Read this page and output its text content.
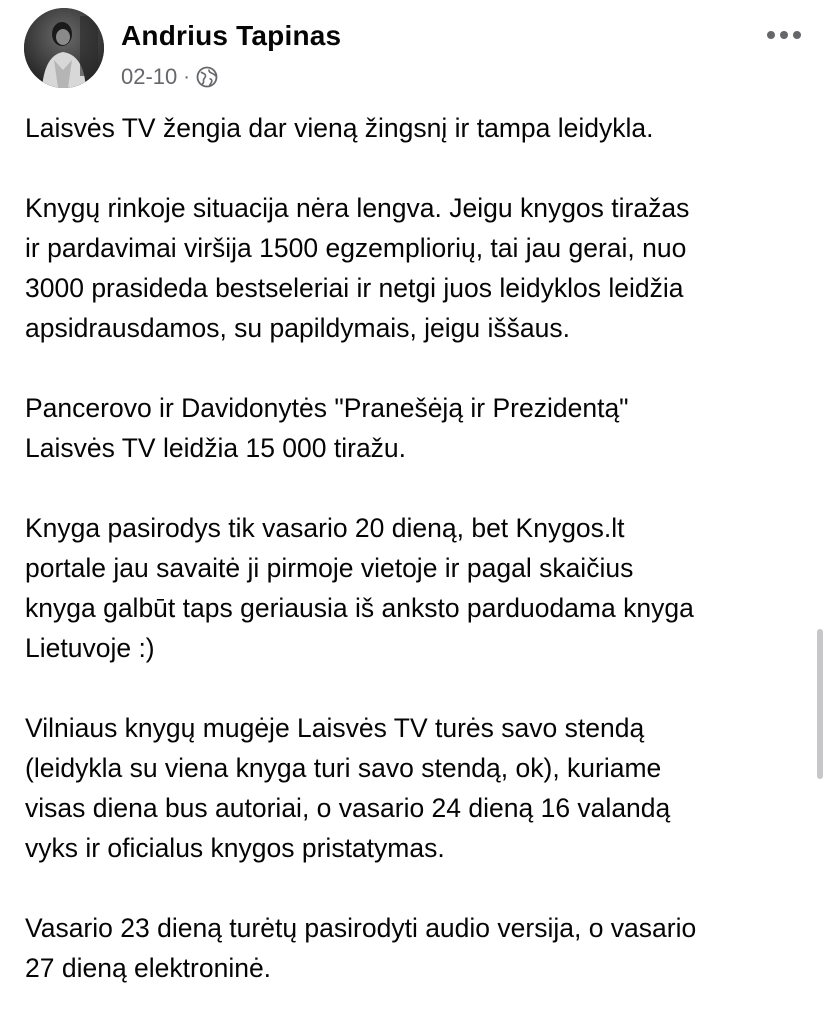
Andrius Tapinas
02-10 ·

Laisvės TV žengia dar vieną žingsnį ir tampa leidykla.

Knygų rinkoje situacija nėra lengva. Jeigu knygos tiražas
ir pardavimai viršija 1500 egzempliorių, tai jau gerai, nuo
3000 prasideda bestseleriai ir netgi juos leidyklos leidžia
apsidrausdamos, su papildymais, jeigu iššaus.

Pancerovo ir Davidonytės "Pranešėją ir Prezidentą"
Laisvės TV leidžia 15 000 tiražu.

Knyga pasirodys tik vasario 20 dieną, bet Knygos.lt
portale jau savaitė ji pirmoje vietoje ir pagal skaičius
knyga galbūt taps geriausia iš anksto parduodama knyga
Lietuvoje :)

Vilniaus knygų mugėje Laisvės TV turės savo stendą
(leidykla su viena knyga turi savo stendą, ok), kuriame
visas diena bus autoriai, o vasario 24 dieną 16 valandą
vyks ir oficialus knygos pristatymas.

Vasario 23 dieną turėtų pasirodyti audio versija, o vasario
27 dieną elektroninė.
